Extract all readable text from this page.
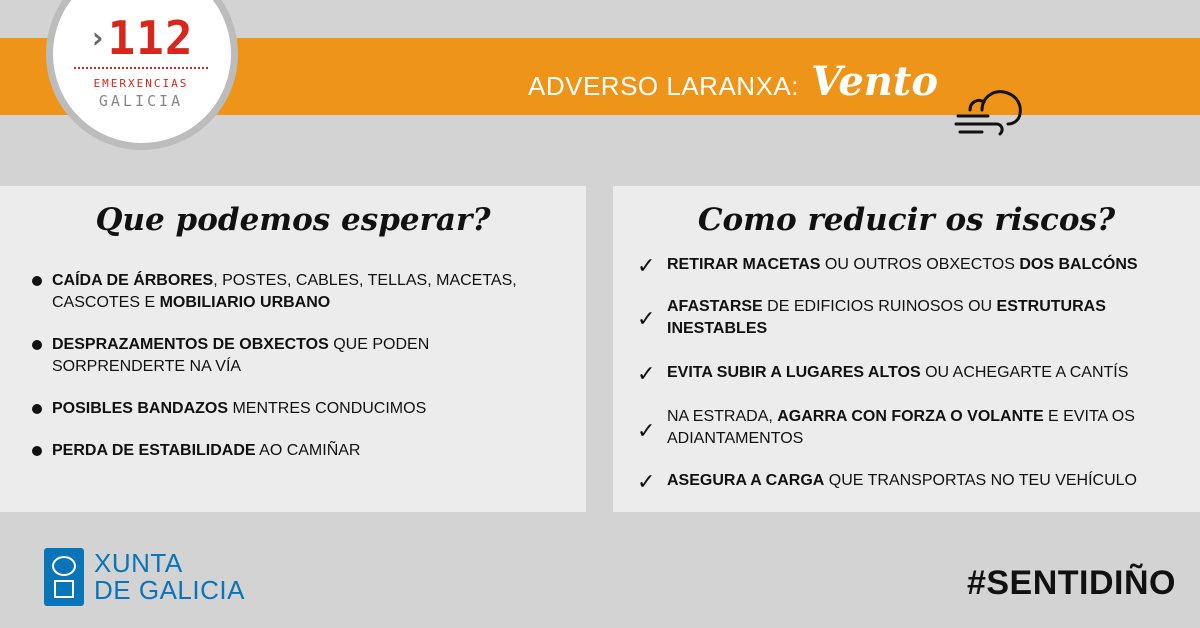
›112
EMERXENCIAS
GALICIA	ADVERSO LARANXA: Vento
Que podemos esperar?
CAÍDA DE ÁRBORES, POSTES, CABLES, TELLAS, MACETAS, CASCOTES E MOBILIARIO URBANO
DESPRAZAMENTOS DE OBXECTOS QUE PODEN SORPRENDERTE NA VÍA
POSIBLES BANDAZOS MENTRES CONDUCIMOS
PERDA DE ESTABILIDADE AO CAMIÑAR
Como reducir os riscos?
✓ RETIRAR MACETAS OU OUTROS OBXECTOS DOS BALCÓNS
✓ AFASTARSE DE EDIFICIOS RUINOSOS OU ESTRUTURAS INESTABLES
✓ EVITA SUBIR A LUGARES ALTOS OU ACHEGARTE A CANTÍS
✓
NA ESTRADA, AGARRA CON FORZA O VOLANTE E EVITA OS ADIANTAMENTOS
✓ ASEGURA A CARGA QUE TRANSPORTAS NO TEU VEHÍCULO
XUNTA
DE GALICIA	#SENTIDIÑO
